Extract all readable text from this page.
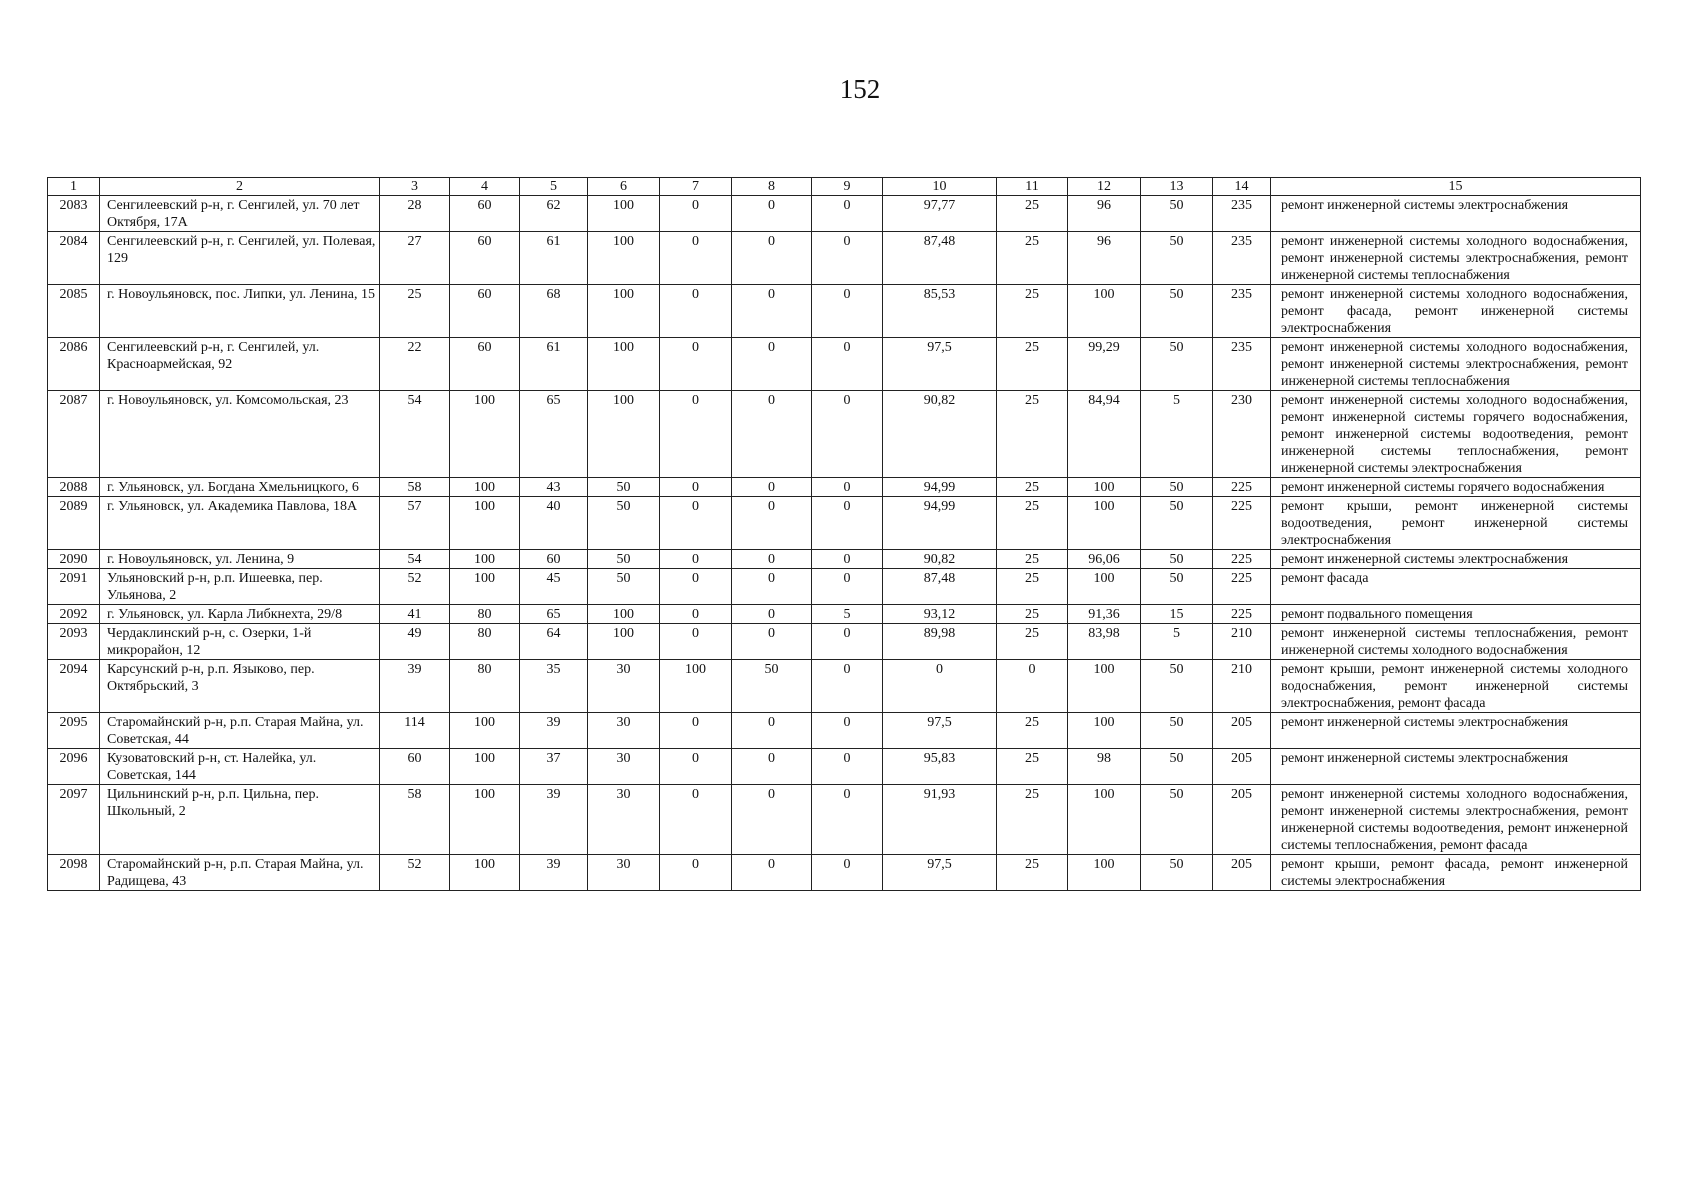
152
1	2	3	4	5	6	7	8	9	10	11	12	13	14	15
2083	Сенгилеевский р-н, г. Сенгилей, ул. 70 лет Октября, 17А	28	60	62	100	0	0	0	97,77	25	96	50	235	ремонт инженерной системы электроснабжения
2084	Сенгилеевский р-н, г. Сенгилей, ул. Полевая, 129	27	60	61	100	0	0	0	87,48	25	96	50	235	ремонт инженерной системы холодного водоснабжения, ремонт инженерной системы электроснабжения, ремонт инженерной системы теплоснабжения
2085	г. Новоульяновск, пос. Липки, ул. Ленина, 15	25	60	68	100	0	0	0	85,53	25	100	50	235	ремонт инженерной системы холодного водоснабжения, ремонт фасада, ремонт инженерной системы электроснабжения
2086	Сенгилеевский р-н, г. Сенгилей, ул. Красноармейская, 92	22	60	61	100	0	0	0	97,5	25	99,29	50	235	ремонт инженерной системы холодного водоснабжения, ремонт инженерной системы электроснабжения, ремонт инженерной системы теплоснабжения
2087	г. Новоульяновск, ул. Комсомольская, 23	54	100	65	100	0	0	0	90,82	25	84,94	5	230	ремонт инженерной системы холодного водоснабжения, ремонт инженерной системы горячего водоснабжения, ремонт инженерной системы водоотведения, ремонт инженерной системы теплоснабжения, ремонт инженерной системы электроснабжения
2088	г. Ульяновск, ул. Богдана Хмельницкого, 6	58	100	43	50	0	0	0	94,99	25	100	50	225	ремонт инженерной системы горячего водоснабжения
2089	г. Ульяновск, ул. Академика Павлова, 18А	57	100	40	50	0	0	0	94,99	25	100	50	225	ремонт крыши, ремонт инженерной системы водоотведения, ремонт инженерной системы электроснабжения
2090	г. Новоульяновск, ул. Ленина, 9	54	100	60	50	0	0	0	90,82	25	96,06	50	225	ремонт инженерной системы электроснабжения
2091	Ульяновский р-н, р.п. Ишеевка, пер. Ульянова, 2	52	100	45	50	0	0	0	87,48	25	100	50	225	ремонт фасада
2092	г. Ульяновск, ул. Карла Либкнехта, 29/8	41	80	65	100	0	0	5	93,12	25	91,36	15	225	ремонт подвального помещения
2093	Чердаклинский р-н, с. Озерки, 1-й микрорайон, 12	49	80	64	100	0	0	0	89,98	25	83,98	5	210	ремонт инженерной системы теплоснабжения, ремонт инженерной системы холодного водоснабжения
2094	Карсунский р-н, р.п. Языково, пер. Октябрьский, 3	39	80	35	30	100	50	0	0	0	100	50	210	ремонт крыши, ремонт инженерной системы холодного водоснабжения, ремонт инженерной системы электроснабжения, ремонт фасада
2095	Старомайнский р-н, р.п. Старая Майна, ул. Советская, 44	114	100	39	30	0	0	0	97,5	25	100	50	205	ремонт инженерной системы электроснабжения
2096	Кузоватовский р-н, ст. Налейка, ул. Советская, 144	60	100	37	30	0	0	0	95,83	25	98	50	205	ремонт инженерной системы электроснабжения
2097	Цильнинский р-н, р.п. Цильна, пер. Школьный, 2	58	100	39	30	0	0	0	91,93	25	100	50	205	ремонт инженерной системы холодного водоснабжения, ремонт инженерной системы электроснабжения, ремонт инженерной системы водоотведения, ремонт инженерной системы теплоснабжения, ремонт фасада
2098	Старомайнский р-н, р.п. Старая Майна, ул. Радищева, 43	52	100	39	30	0	0	0	97,5	25	100	50	205	ремонт крыши, ремонт фасада, ремонт инженерной системы электроснабжения
